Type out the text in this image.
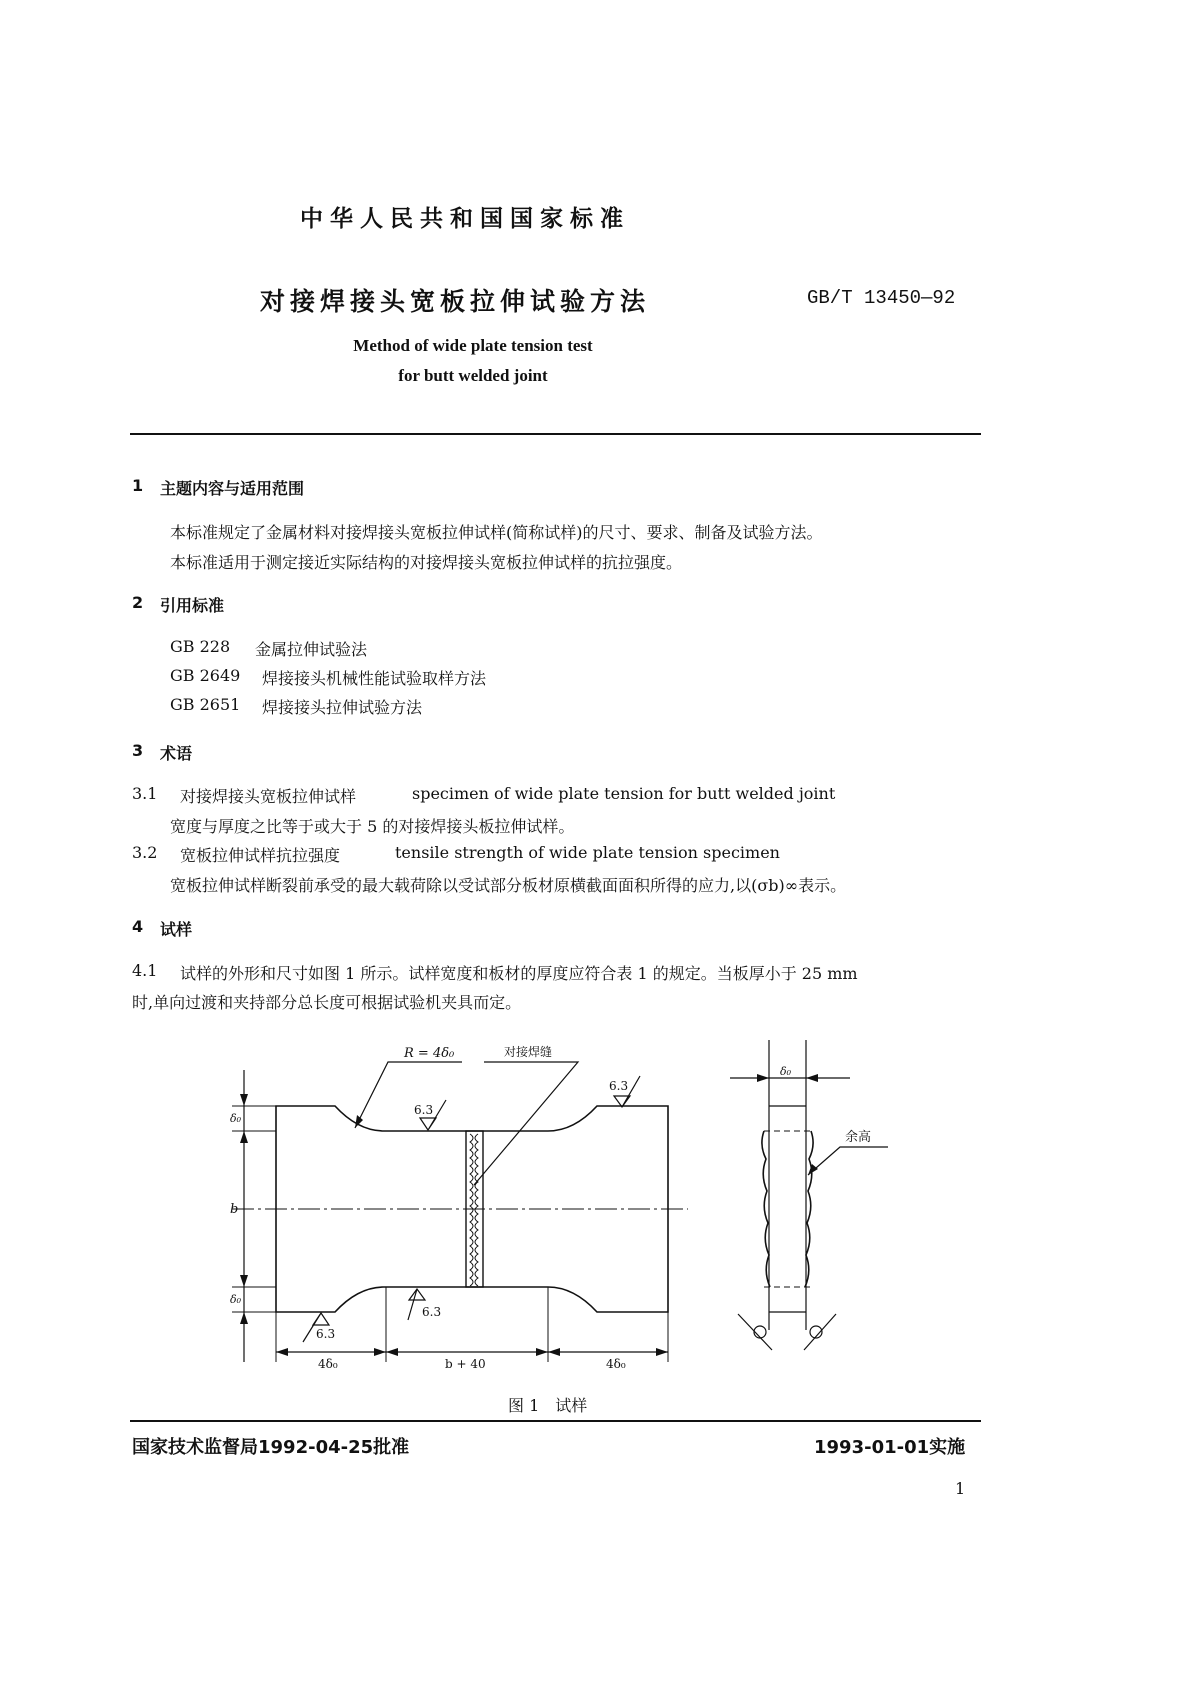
中华人民共和国国家标准
对接焊接头宽板拉伸试验方法	GB/T 13450—92
Method of wide plate tension test
for butt welded joint
1 主题内容与适用范围
本标准规定了金属材料对接焊接头宽板拉伸试样(简称试样)的尺寸、要求、制备及试验方法。
本标准适用于测定接近实际结构的对接焊接头宽板拉伸试样的抗拉强度。
2 引用标准
GB 228 金属拉伸试验法
GB 2649 焊接接头机械性能试验取样方法
GB 2651 焊接接头拉伸试验方法
3 术语
3.1 对接焊接头宽板拉伸试样	specimen of wide plate tension for butt welded joint
宽度与厚度之比等于或大于 5 的对接焊接头板拉伸试样。
3.2 宽板拉伸试样抗拉强度	tensile strength of wide plate tension specimen
宽板拉伸试样断裂前承受的最大载荷除以受试部分板材原横截面面积所得的应力,以(σb)∞表示。
4 试样
4.1 试样的外形和尺寸如图 1 所示。试样宽度和板材的厚度应符合表 1 的规定。当板厚小于 25 mm
时,单向过渡和夹持部分总长度可根据试验机夹具而定。
R = 4δ₀	对接焊缝
6.3
6.3
6.3
6.3
δ₀
δ₀
b
4δ₀	b + 40	4δ₀
δ₀
余高
图 1　试样
国家技术监督局1992-04-25批准	1993-01-01实施
1
